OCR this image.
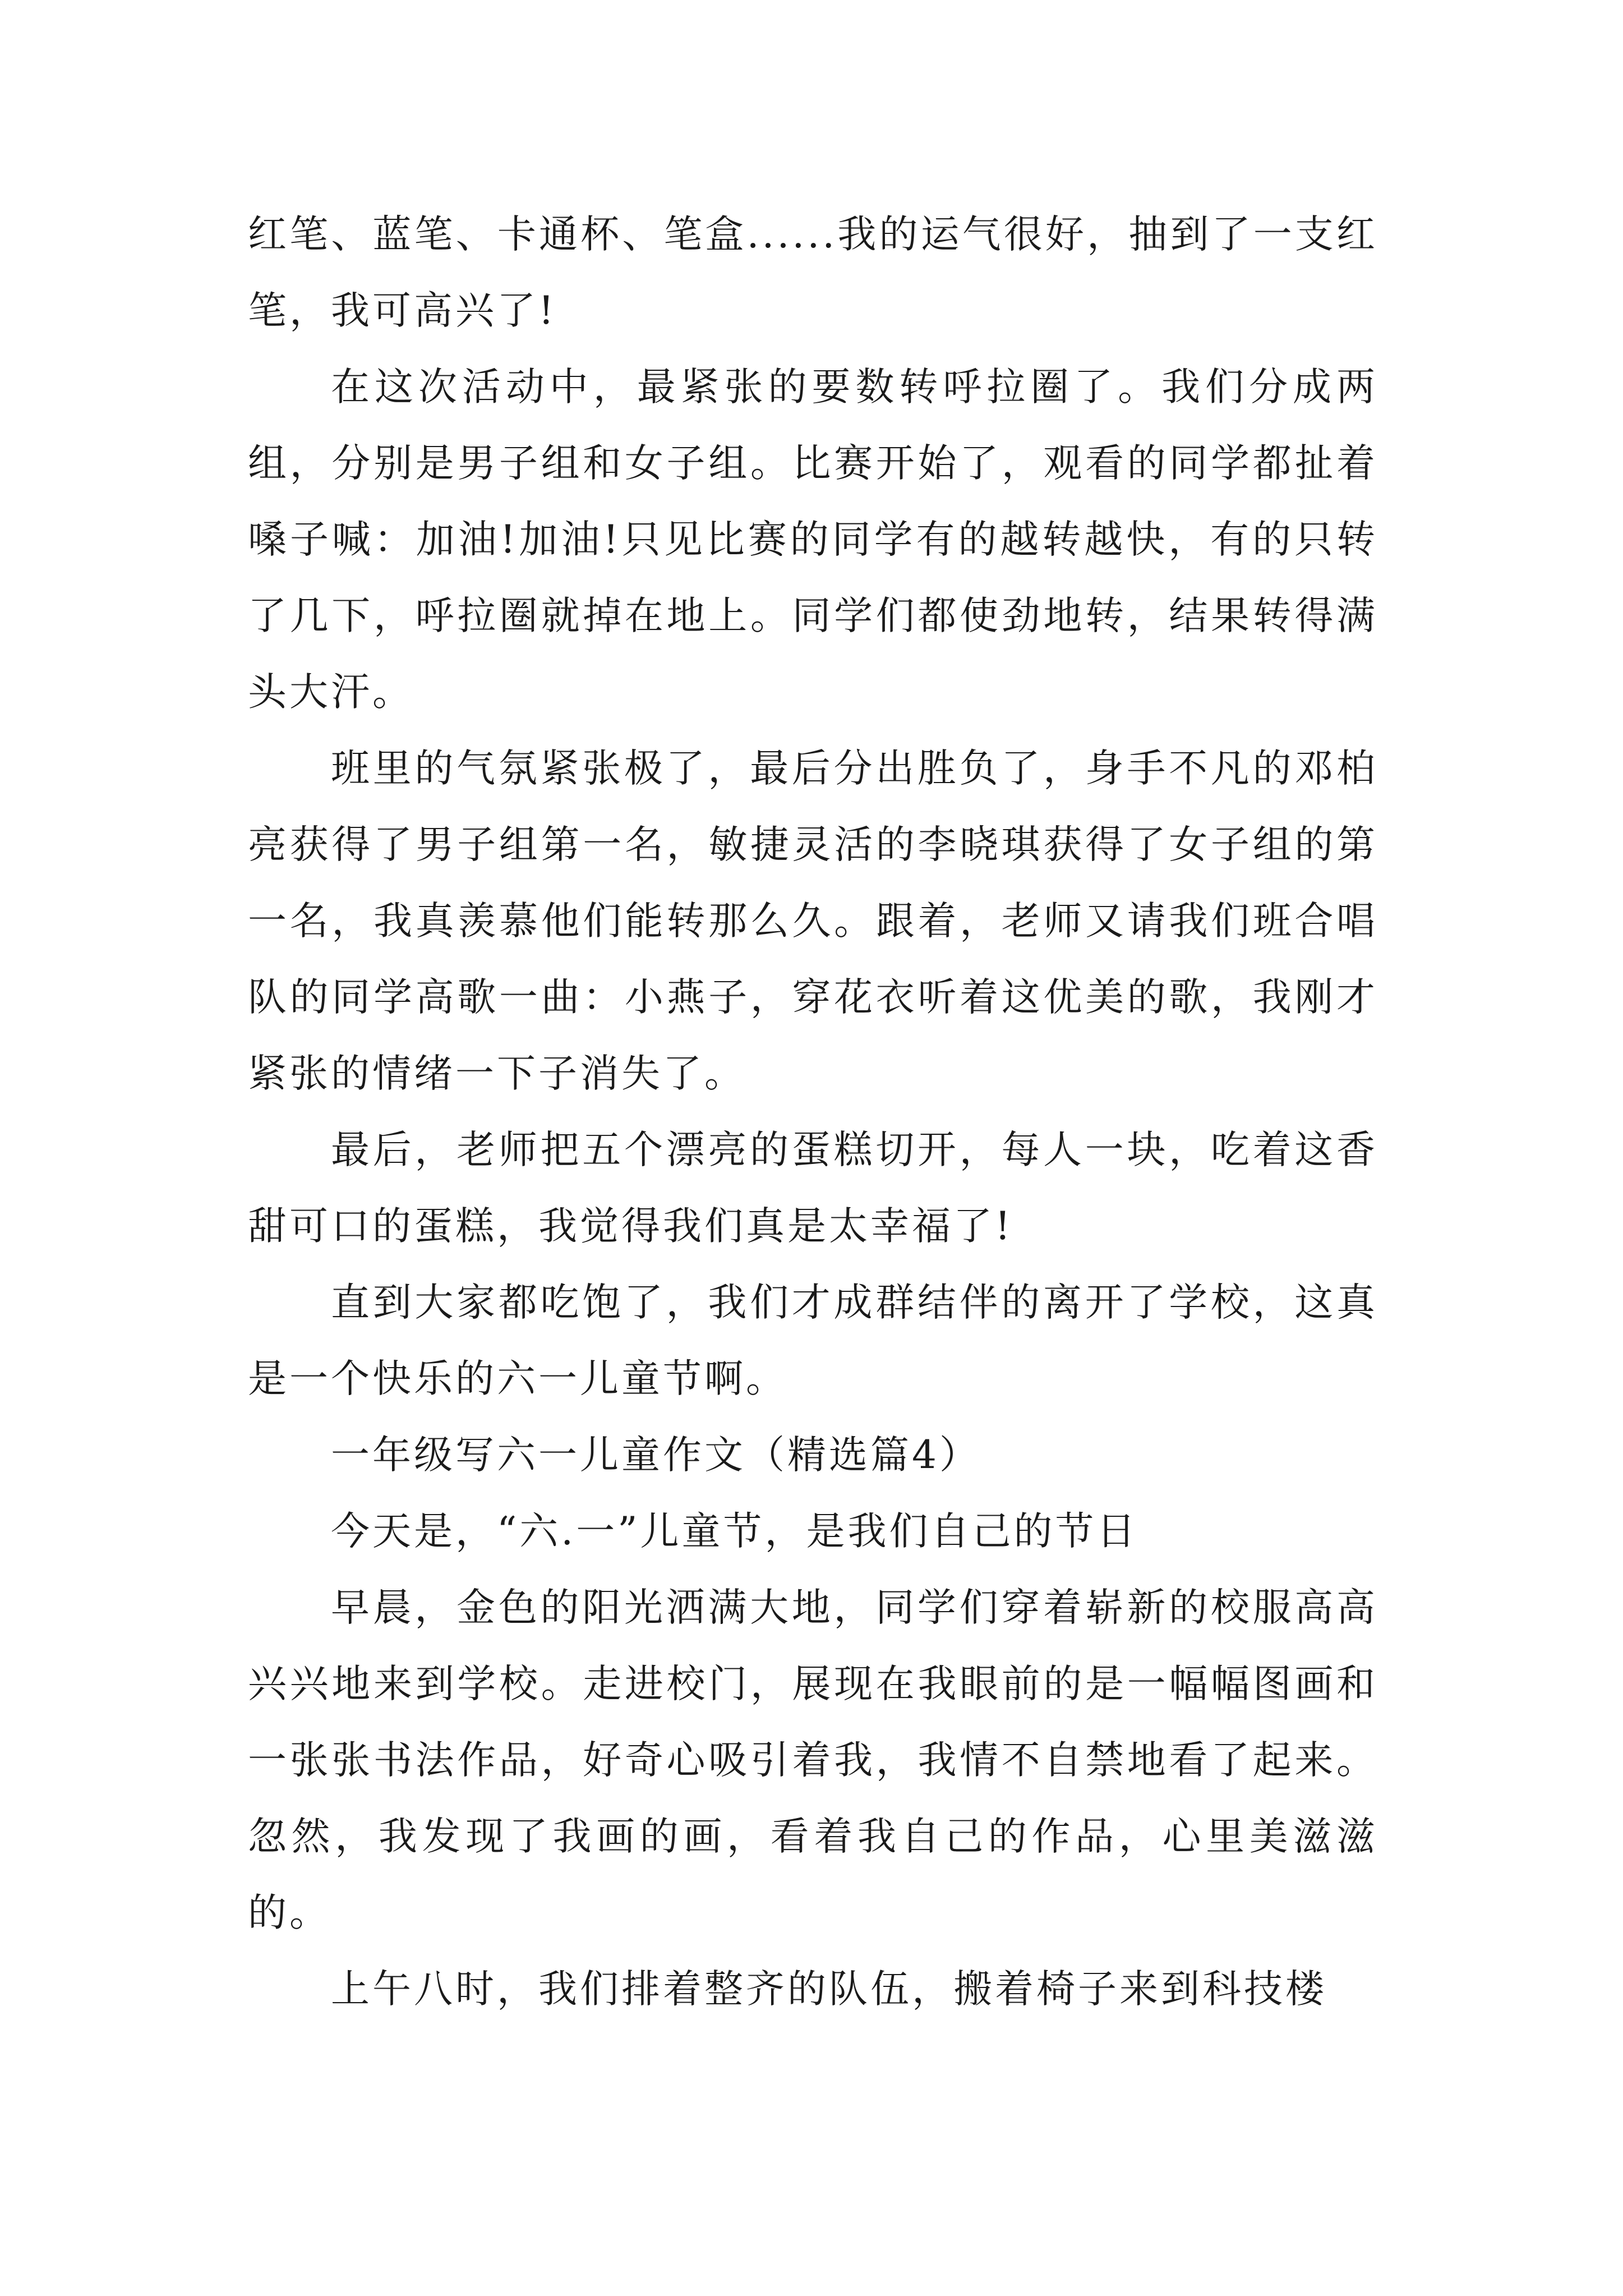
红笔、蓝笔、卡通杯、笔盒......我的运气很好，抽到了一支红笔，我可高兴了!

在这次活动中，最紧张的要数转呼拉圈了。我们分成两组，分别是男子组和女子组。比赛开始了，观看的同学都扯着嗓子喊：加油!加油!只见比赛的同学有的越转越快，有的只转了几下，呼拉圈就掉在地上。同学们都使劲地转，结果转得满头大汗。

班里的气氛紧张极了，最后分出胜负了，身手不凡的邓柏亮获得了男子组第一名，敏捷灵活的李晓琪获得了女子组的第一名，我真羡慕他们能转那么久。跟着，老师又请我们班合唱队的同学高歌一曲：小燕子，穿花衣听着这优美的歌，我刚才紧张的情绪一下子消失了。

最后，老师把五个漂亮的蛋糕切开，每人一块，吃着这香甜可口的蛋糕，我觉得我们真是太幸福了!

直到大家都吃饱了，我们才成群结伴的离开了学校，这真是一个快乐的六一儿童节啊。

一年级写六一儿童作文（精选篇4）

今天是，“六.一”儿童节，是我们自己的节日

早晨，金色的阳光洒满大地，同学们穿着崭新的校服高高兴兴地来到学校。走进校门，展现在我眼前的是一幅幅图画和一张张书法作品，好奇心吸引着我，我情不自禁地看了起来。忽然，我发现了我画的画，看着我自己的作品，心里美滋滋的。

上午八时，我们排着整齐的队伍，搬着椅子来到科技楼
